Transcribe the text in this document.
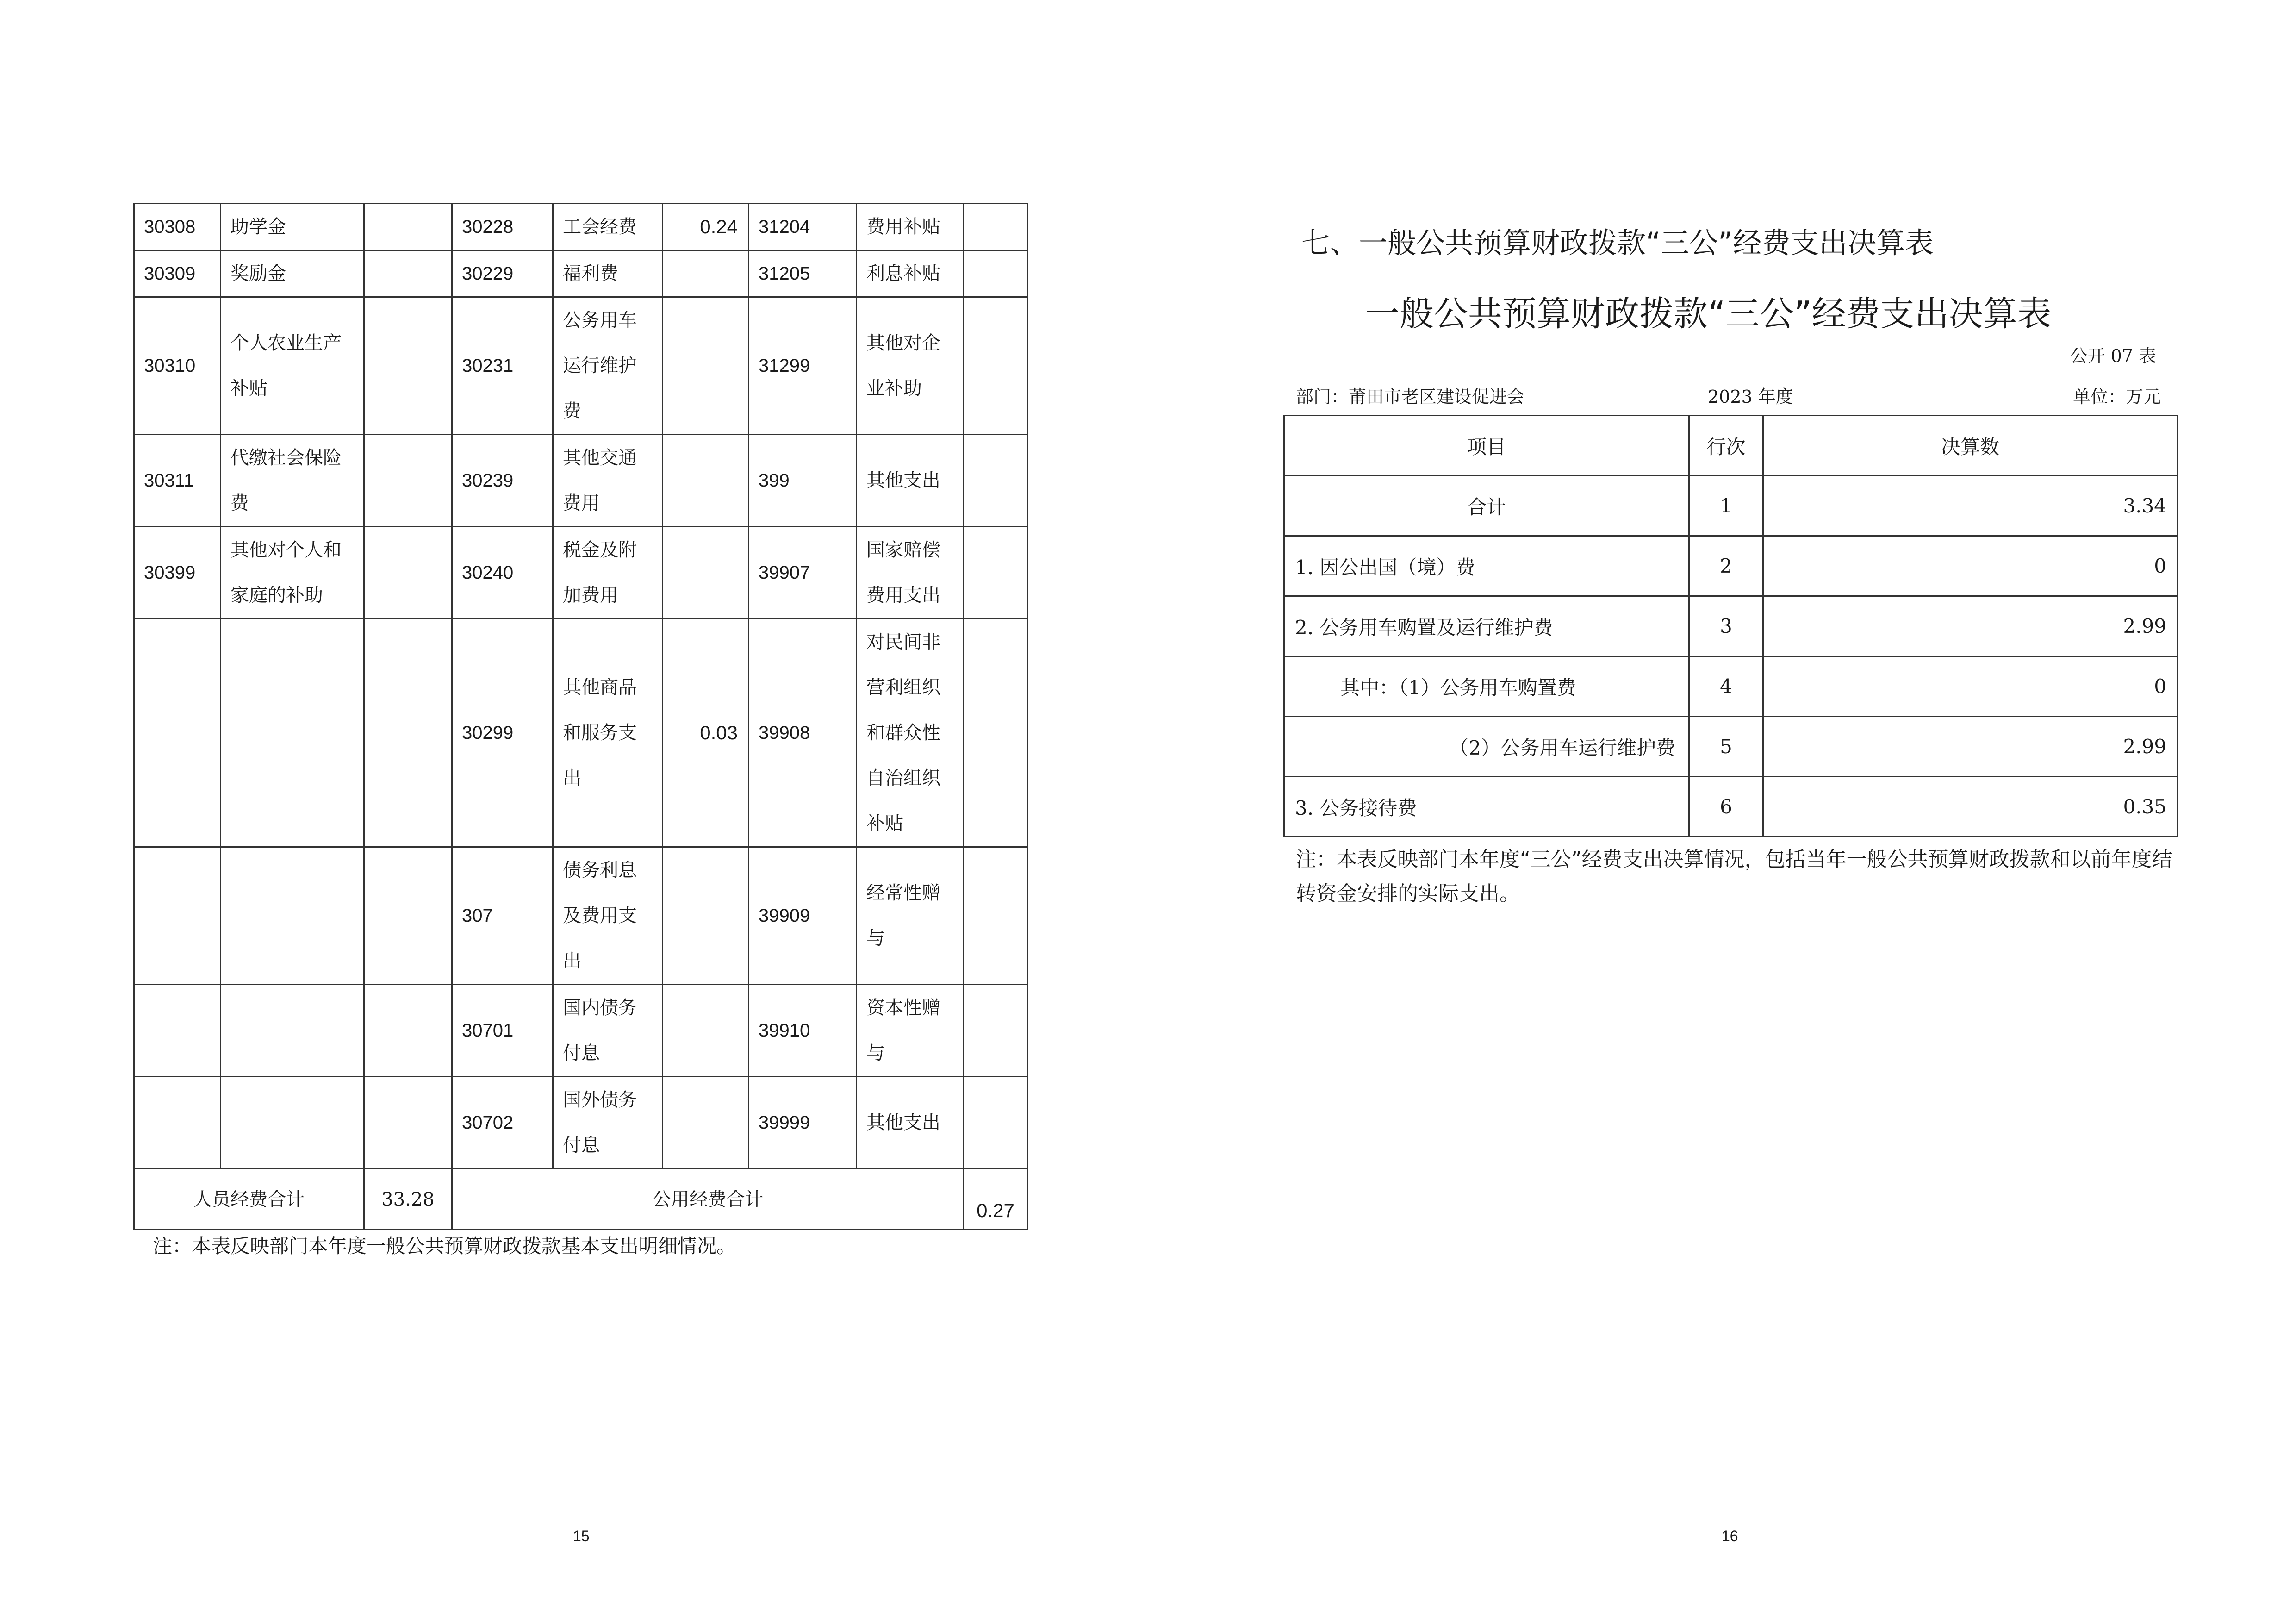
30308	助学金		30228	工会经费	0.24	31204	费用补贴	
30309	奖励金		30229	福利费		31205	利息补贴	
30310	个人农业生产补贴		30231	公务用车运行维护费		31299	其他对企业补助	
30311	代缴社会保险费		30239	其他交通费用		399	其他支出	
30399	其他对个人和家庭的补助		30240	税金及附加费用		39907	国家赔偿费用支出	
			30299	其他商品和服务支出	0.03	39908	对民间非营利组织和群众性自治组织补贴	
			307	债务利息及费用支出		39909	经常性赠与	
			30701	国内债务付息		39910	资本性赠与	
			30702	国外债务付息		39999	其他支出	
人员经费合计		33.28	公用经费合计					0.27
注：本表反映部门本年度一般公共预算财政拨款基本支出明细情况。
15
七、一般公共预算财政拨款“三公”经费支出决算表
一般公共预算财政拨款“三公”经费支出决算表
公开 07 表
部门：莆田市老区建设促进会	2023 年度	单位：万元
项目	行次	决算数
合计	1	3.34
1. 因公出国（境）费	2	0
2. 公务用车购置及运行维护费	3	2.99
其中：（1）公务用车购置费	4	0
（2）公务用车运行维护费	5	2.99
3. 公务接待费	6	0.35
注：本表反映部门本年度“三公”经费支出决算情况，包括当年一般公共预算财政拨款和以前年度结转资金安排的实际支出。
16
